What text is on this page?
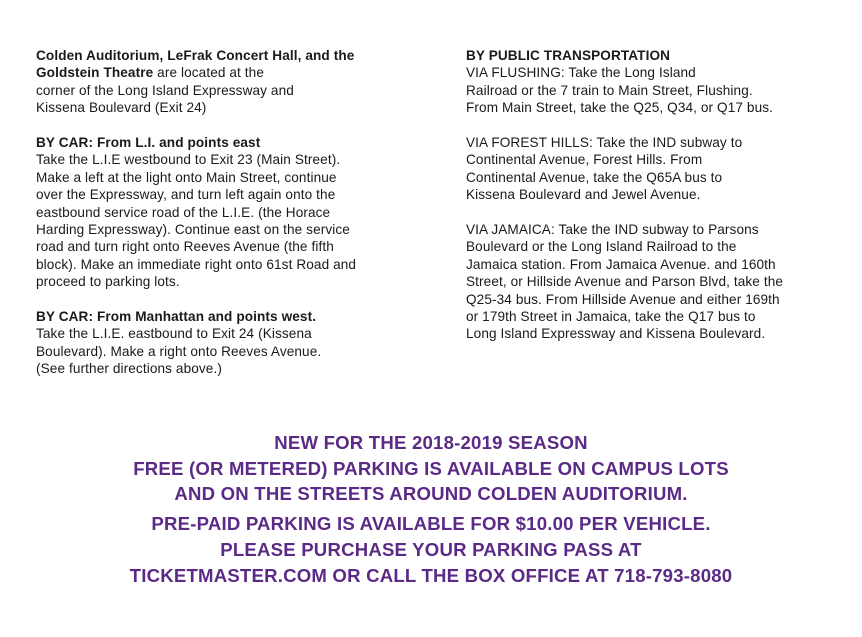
Colden Auditorium, LeFrak Concert Hall, and the
Goldstein Theatre are located at the
corner of the Long Island Expressway and
Kissena Boulevard (Exit 24)
BY CAR: From L.I. and points east
Take the L.I.E westbound to Exit 23 (Main Street).
Make a left at the light onto Main Street, continue
over the Expressway, and turn left again onto the
eastbound service road of the L.I.E. (the Horace
Harding Expressway). Continue east on the service
road and turn right onto Reeves Avenue (the fifth
block). Make an immediate right onto 61st Road and
proceed to parking lots.
BY CAR: From Manhattan and points west.
Take the L.I.E. eastbound to Exit 24 (Kissena
Boulevard). Make a right onto Reeves Avenue.
(See further directions above.)
BY PUBLIC TRANSPORTATION
VIA FLUSHING: Take the Long Island
Railroad or the 7 train to Main Street, Flushing.
From Main Street, take the Q25, Q34, or Q17 bus.
VIA FOREST HILLS: Take the IND subway to
Continental Avenue, Forest Hills. From
Continental Avenue, take the Q65A bus to
Kissena Boulevard and Jewel Avenue.
VIA JAMAICA: Take the IND subway to Parsons
Boulevard or the Long Island Railroad to the
Jamaica station. From Jamaica Avenue. and 160th
Street, or Hillside Avenue and Parson Blvd, take the
Q25-34 bus. From Hillside Avenue and either 169th
or 179th Street in Jamaica, take the Q17 bus to
Long Island Expressway and Kissena Boulevard.
NEW FOR THE 2018-2019 SEASON
FREE (OR METERED) PARKING IS AVAILABLE ON CAMPUS LOTS
AND ON THE STREETS AROUND COLDEN AUDITORIUM.
PRE-PAID PARKING IS AVAILABLE FOR $10.00 PER VEHICLE.
PLEASE PURCHASE YOUR PARKING PASS AT
TICKETMASTER.COM OR CALL THE BOX OFFICE AT 718-793-8080
